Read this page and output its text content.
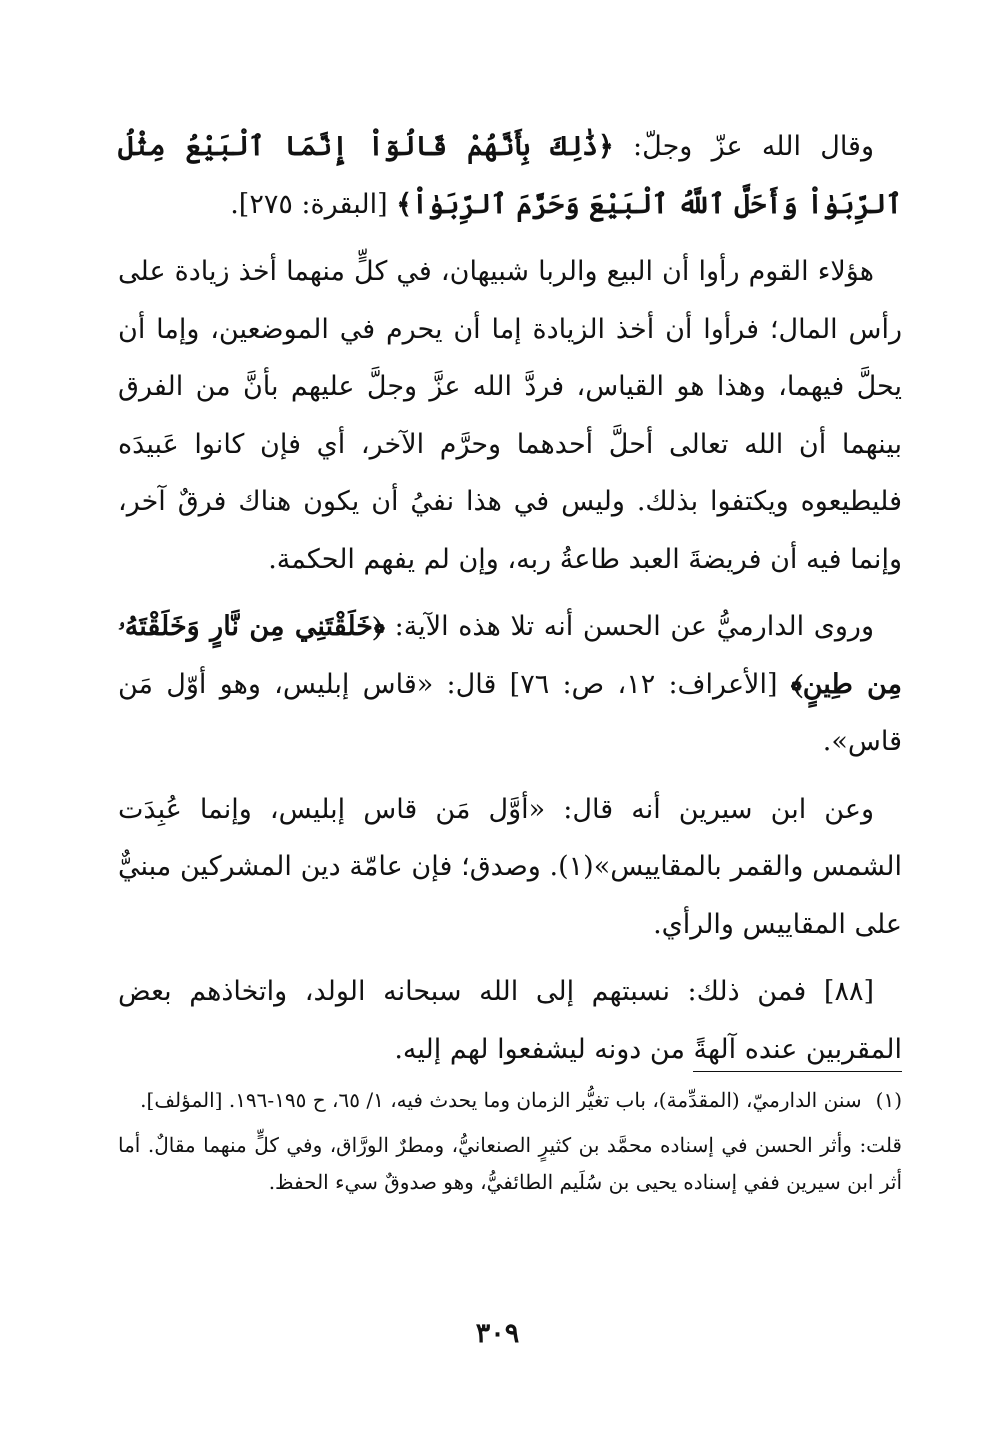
وقال الله عزّ وجلّ: ﴿ذَٰلِكَ بِأَنَّهُمْ قَالُوٓاْ إِنَّمَا ٱلْبَيْعُ مِثْلُ ٱلرِّبَوٰاْ وَأَحَلَّ ٱللَّهُ ٱلْبَيْعَ وَحَرَّمَ ٱلرِّبَوٰاْ﴾ [البقرة: ٢٧٥].

هؤلاء القوم رأوا أن البيع والربا شبيهان، في كلٍّ منهما أخذ زيادة على رأس المال؛ فرأوا أن أخذ الزيادة إما أن يحرم في الموضعين، وإما أن يحلَّ فيهما، وهذا هو القياس، فردَّ الله عزَّ وجلَّ عليهم بأنَّ من الفرق بينهما أن الله تعالى أحلَّ أحدهما وحرَّم الآخر، أي فإن كانوا عَبيدَه فليطيعوه ويكتفوا بذلك. وليس في هذا نفيُ أن يكون هناك فرقٌ آخر، وإنما فيه أن فريضةَ العبد طاعةُ ربه، وإن لم يفهم الحكمة.

وروى الدارميُّ عن الحسن أنه تلا هذه الآية: ﴿خَلَقْتَنِي مِن نَّارٍ وَخَلَقْتَهُۥ مِن طِينٍ﴾ [الأعراف: ١٢، ص: ٧٦] قال: «قاس إبليس، وهو أوّل مَن قاس».

وعن ابن سيرين أنه قال: «أوَّل مَن قاس إبليس، وإنما عُبِدَت الشمس والقمر بالمقاييس»(١). وصدق؛ فإن عامّة دين المشركين مبنيٌّ على المقاييس والرأي.

[٨٨] فمن ذلك: نسبتهم إلى الله سبحانه الولد، واتخاذهم بعض المقربين عنده آلهةً من دونه ليشفعوا لهم إليه.

(١)سنن الدارميّ، (المقدِّمة)، باب تغيُّر الزمان وما يحدث فيه، ١/ ٦٥، ح ١٩٥-١٩٦. [المؤلف].

قلت: وأثر الحسن في إسناده محمَّد بن كثيرٍ الصنعانيُّ، ومطرٌ الورَّاق، وفي كلٍّ منهما مقالٌ. أما أثر ابن سيرين ففي إسناده يحيى بن سُلَيم الطائفيُّ، وهو صدوقٌ سيء الحفظ.

٣٠٩
